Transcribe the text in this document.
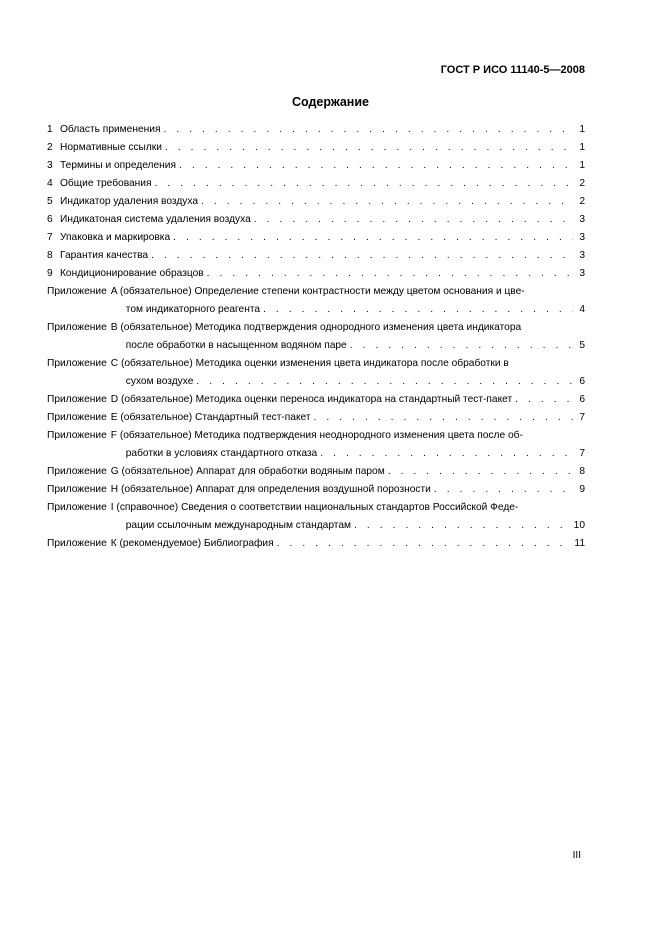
ГОСТ Р ИСО 11140-5—2008
Содержание
1 Область применения . . .	1
2 Нормативные ссылки . . .	1
3 Термины и определения . . .	1
4 Общие требования . . .	2
5 Индикатор удаления воздуха . . .	2
6 Индикатоная система удаления воздуха . . .	3
7 Упаковка и маркировка . . .	3
8 Гарантия качества . . .	3
9 Кондиционирование образцов . . .	3
Приложение A (обязательное) Определение степени контрастности между цветом основания и цве-
том индикаторного реагента . . .	4
Приложение B (обязательное) Методика подтверждения однородного изменения цвета индикатора
после обработки в насыщенном водяном паре . . .	5
Приложение C (обязательное) Методика оценки изменения цвета индикатора после обработки в
сухом воздухе . . .	6
Приложение D (обязательное) Методика оценки переноса индикатора на стандартный тест-пакет . . .	6
Приложение E (обязательное) Стандартный тест-пакет . . .	7
Приложение F (обязательное) Методика подтверждения неоднородного изменения цвета после об-
работки в условиях стандартного отказа . . .	7
Приложение G (обязательное) Аппарат для обработки водяным паром . . .	8
Приложение H (обязательное) Аппарат для определения воздушной порозности . . .	9
Приложение I (справочное) Сведения о соответствии национальных стандартов Российской Феде-
рации ссылочным международным стандартам . . .	10
Приложение К (рекомендуемое) Библиография . . .	11
III
